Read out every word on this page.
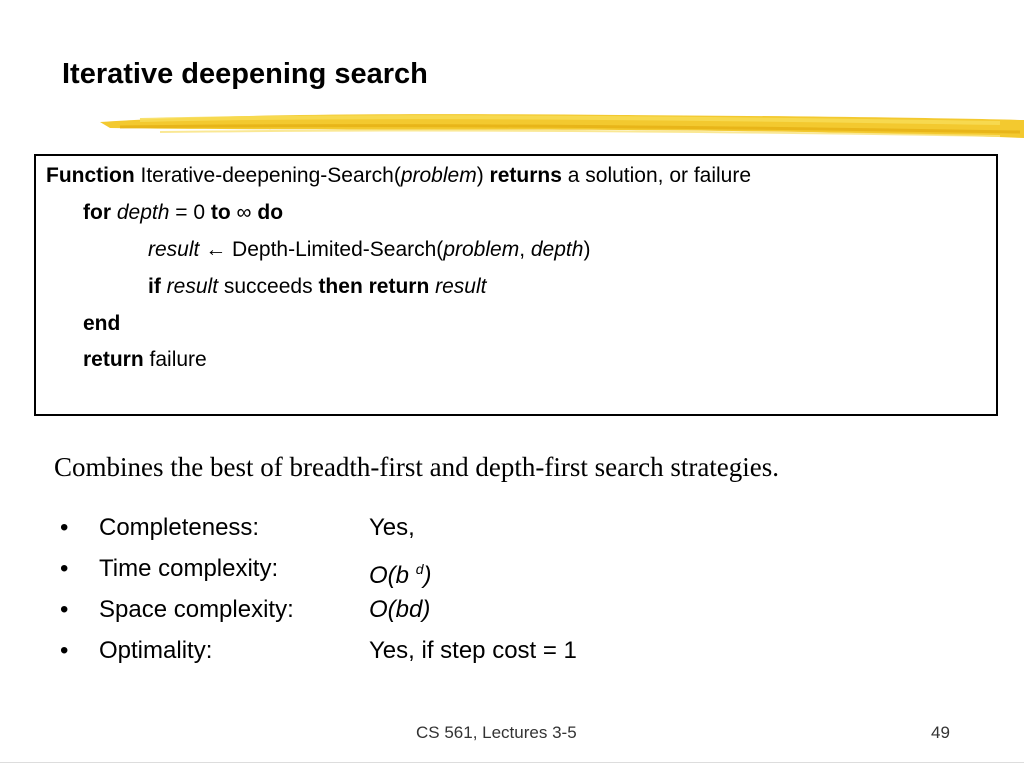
Iterative deepening search
Function Iterative-deepening-Search(problem) returns a solution, or failure
for depth = 0 to ∞ do
result ← Depth-Limited-Search(problem, depth)
if result succeeds then return result
end
return failure
Combines the best of breadth-first and depth-first search strategies.
• Completeness:	Yes,
• Time complexity:	O(b $^d$)
• Space complexity:	O(bd)
• Optimality:	Yes, if step cost = 1
CS 561, Lectures 3-5	49
